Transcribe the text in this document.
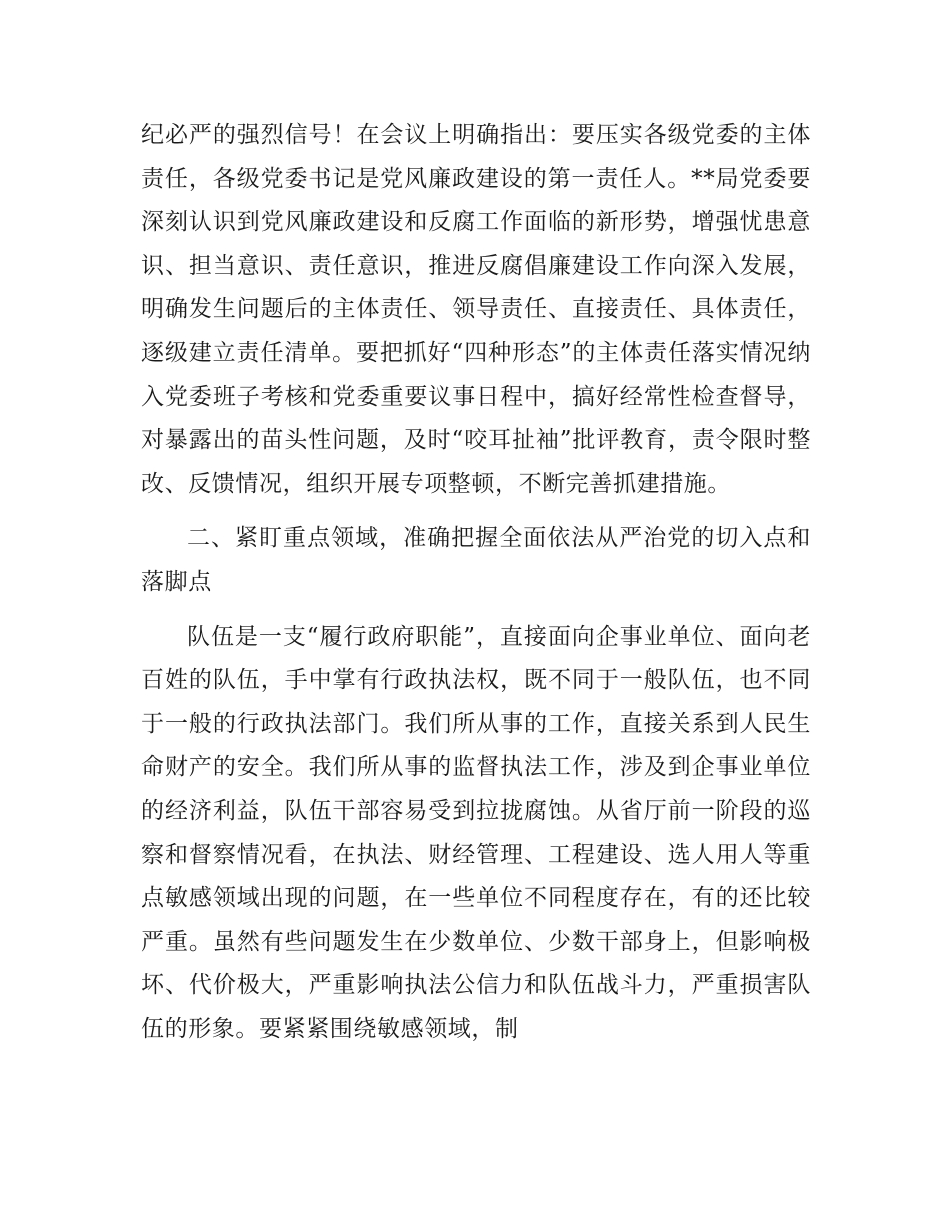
纪必严的强烈信号！在会议上明确指出：要压实各级党委的主体责任，各级党委书记是党风廉政建设的第一责任人。**局党委要深刻认识到党风廉政建设和反腐工作面临的新形势，增强忧患意识、担当意识、责任意识，推进反腐倡廉建设工作向深入发展，明确发生问题后的主体责任、领导责任、直接责任、具体责任，逐级建立责任清单。要把抓好“四种形态”的主体责任落实情况纳入党委班子考核和党委重要议事日程中，搞好经常性检查督导，对暴露出的苗头性问题，及时“咬耳扯袖”批评教育，责令限时整改、反馈情况，组织开展专项整顿，不断完善抓建措施。

二、紧盯重点领域，准确把握全面依法从严治党的切入点和落脚点

队伍是一支“履行政府职能”，直接面向企事业单位、面向老百姓的队伍，手中掌有行政执法权，既不同于一般队伍，也不同于一般的行政执法部门。我们所从事的工作，直接关系到人民生命财产的安全。我们所从事的监督执法工作，涉及到企事业单位的经济利益，队伍干部容易受到拉拢腐蚀。从省厅前一阶段的巡察和督察情况看，在执法、财经管理、工程建设、选人用人等重点敏感领域出现的问题，在一些单位不同程度存在，有的还比较严重。虽然有些问题发生在少数单位、少数干部身上，但影响极坏、代价极大，严重影响执法公信力和队伍战斗力，严重损害队伍的形象。要紧紧围绕敏感领域，制
